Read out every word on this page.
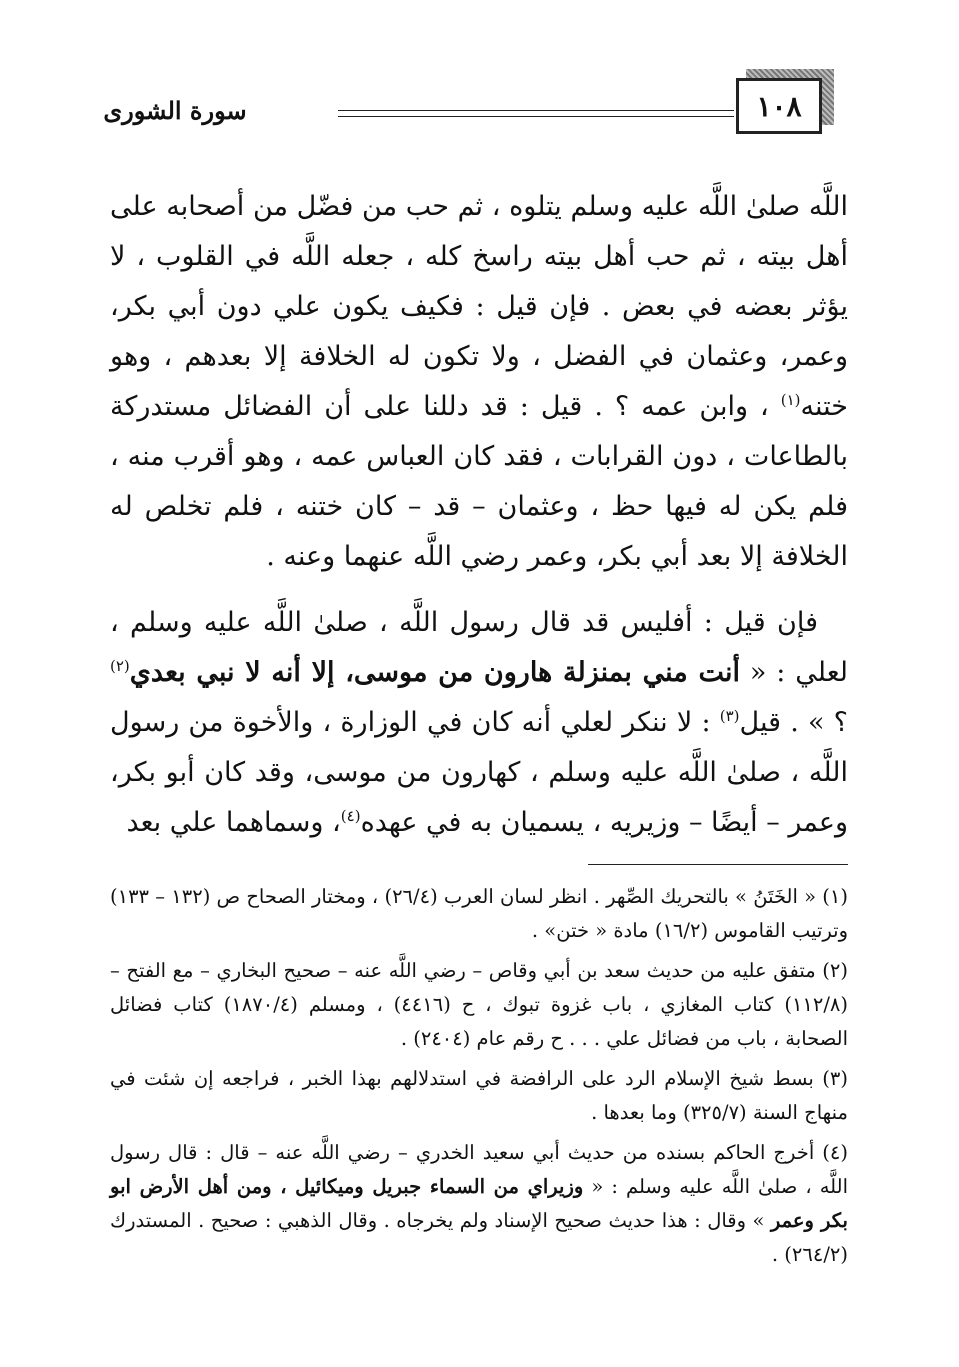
١٠٨
سورة الشورى

اللَّه صلىٰ اللَّه عليه وسلم يتلوه ، ثم حب من فضّل من أصحابه على أهل بيته ، ثم حب أهل بيته راسخ كله ، جعله اللَّه في القلوب ، لا يؤثر بعضه في بعض . فإن قيل : فكيف يكون علي دون أبي بكر، وعمر، وعثمان في الفضل ، ولا تكون له الخلافة إلا بعدهم ، وهو ختنه$^{(١)}$ ، وابن عمه ؟ . قيل : قد دللنا على أن الفضائل مستدركة بالطاعات ، دون القرابات ، فقد كان العباس عمه ، وهو أقرب منه ، فلم يكن له فيها حظ ، وعثمان – قد – كان ختنه ، فلم تخلص له الخلافة إلا بعد أبي بكر، وعمر رضي اللَّه عنهما وعنه .

فإن قيل : أفليس قد قال رسول اللَّه ، صلىٰ اللَّه عليه وسلم ، لعلي : « أنت مني بمنزلة هارون من موسى، إلا أنه لا نبي بعدي$^{(٢)}$ ؟ » . قيل$^{(٣)}$ : لا ننكر لعلي أنه كان في الوزارة ، والأخوة من رسول اللَّه ، صلىٰ اللَّه عليه وسلم ، كهارون من موسى، وقد كان أبو بكر، وعمر – أيضًا – وزيريه ، يسميان به في عهده$^{(٤)}$، وسماهما علي بعد

(١) « الخَتَنُ » بالتحريك الصِّهر . انظر لسان العرب (٢٦/٤) ، ومختار الصحاح ص (١٣٢ – ١٣٣) وترتيب القاموس (١٦/٢) مادة « ختن» .

(٢) متفق عليه من حديث سعد بن أبي وقاص – رضي اللَّه عنه – صحيح البخاري – مع الفتح – (١١٢/٨) كتاب المغازي ، باب غزوة تبوك ، ح (٤٤١٦) ، ومسلم (١٨٧٠/٤) كتاب فضائل الصحابة ، باب من فضائل علي . . . ح رقم عام (٢٤٠٤) .

(٣) بسط شيخ الإسلام الرد على الرافضة في استدلالهم بهذا الخبر ، فراجعه إن شئت في منهاج السنة (٣٢٥/٧) وما بعدها .

(٤) أخرج الحاكم بسنده من حديث أبي سعيد الخدري – رضي اللَّه عنه – قال : قال رسول اللَّه ، صلىٰ اللَّه عليه وسلم : « وزيراي من السماء جبريل وميكائيل ، ومن أهل الأرض ابو بكر وعمر » وقال : هذا حديث صحيح الإسناد ولم يخرجاه . وقال الذهبي : صحيح . المستدرك (٢٦٤/٢) .
